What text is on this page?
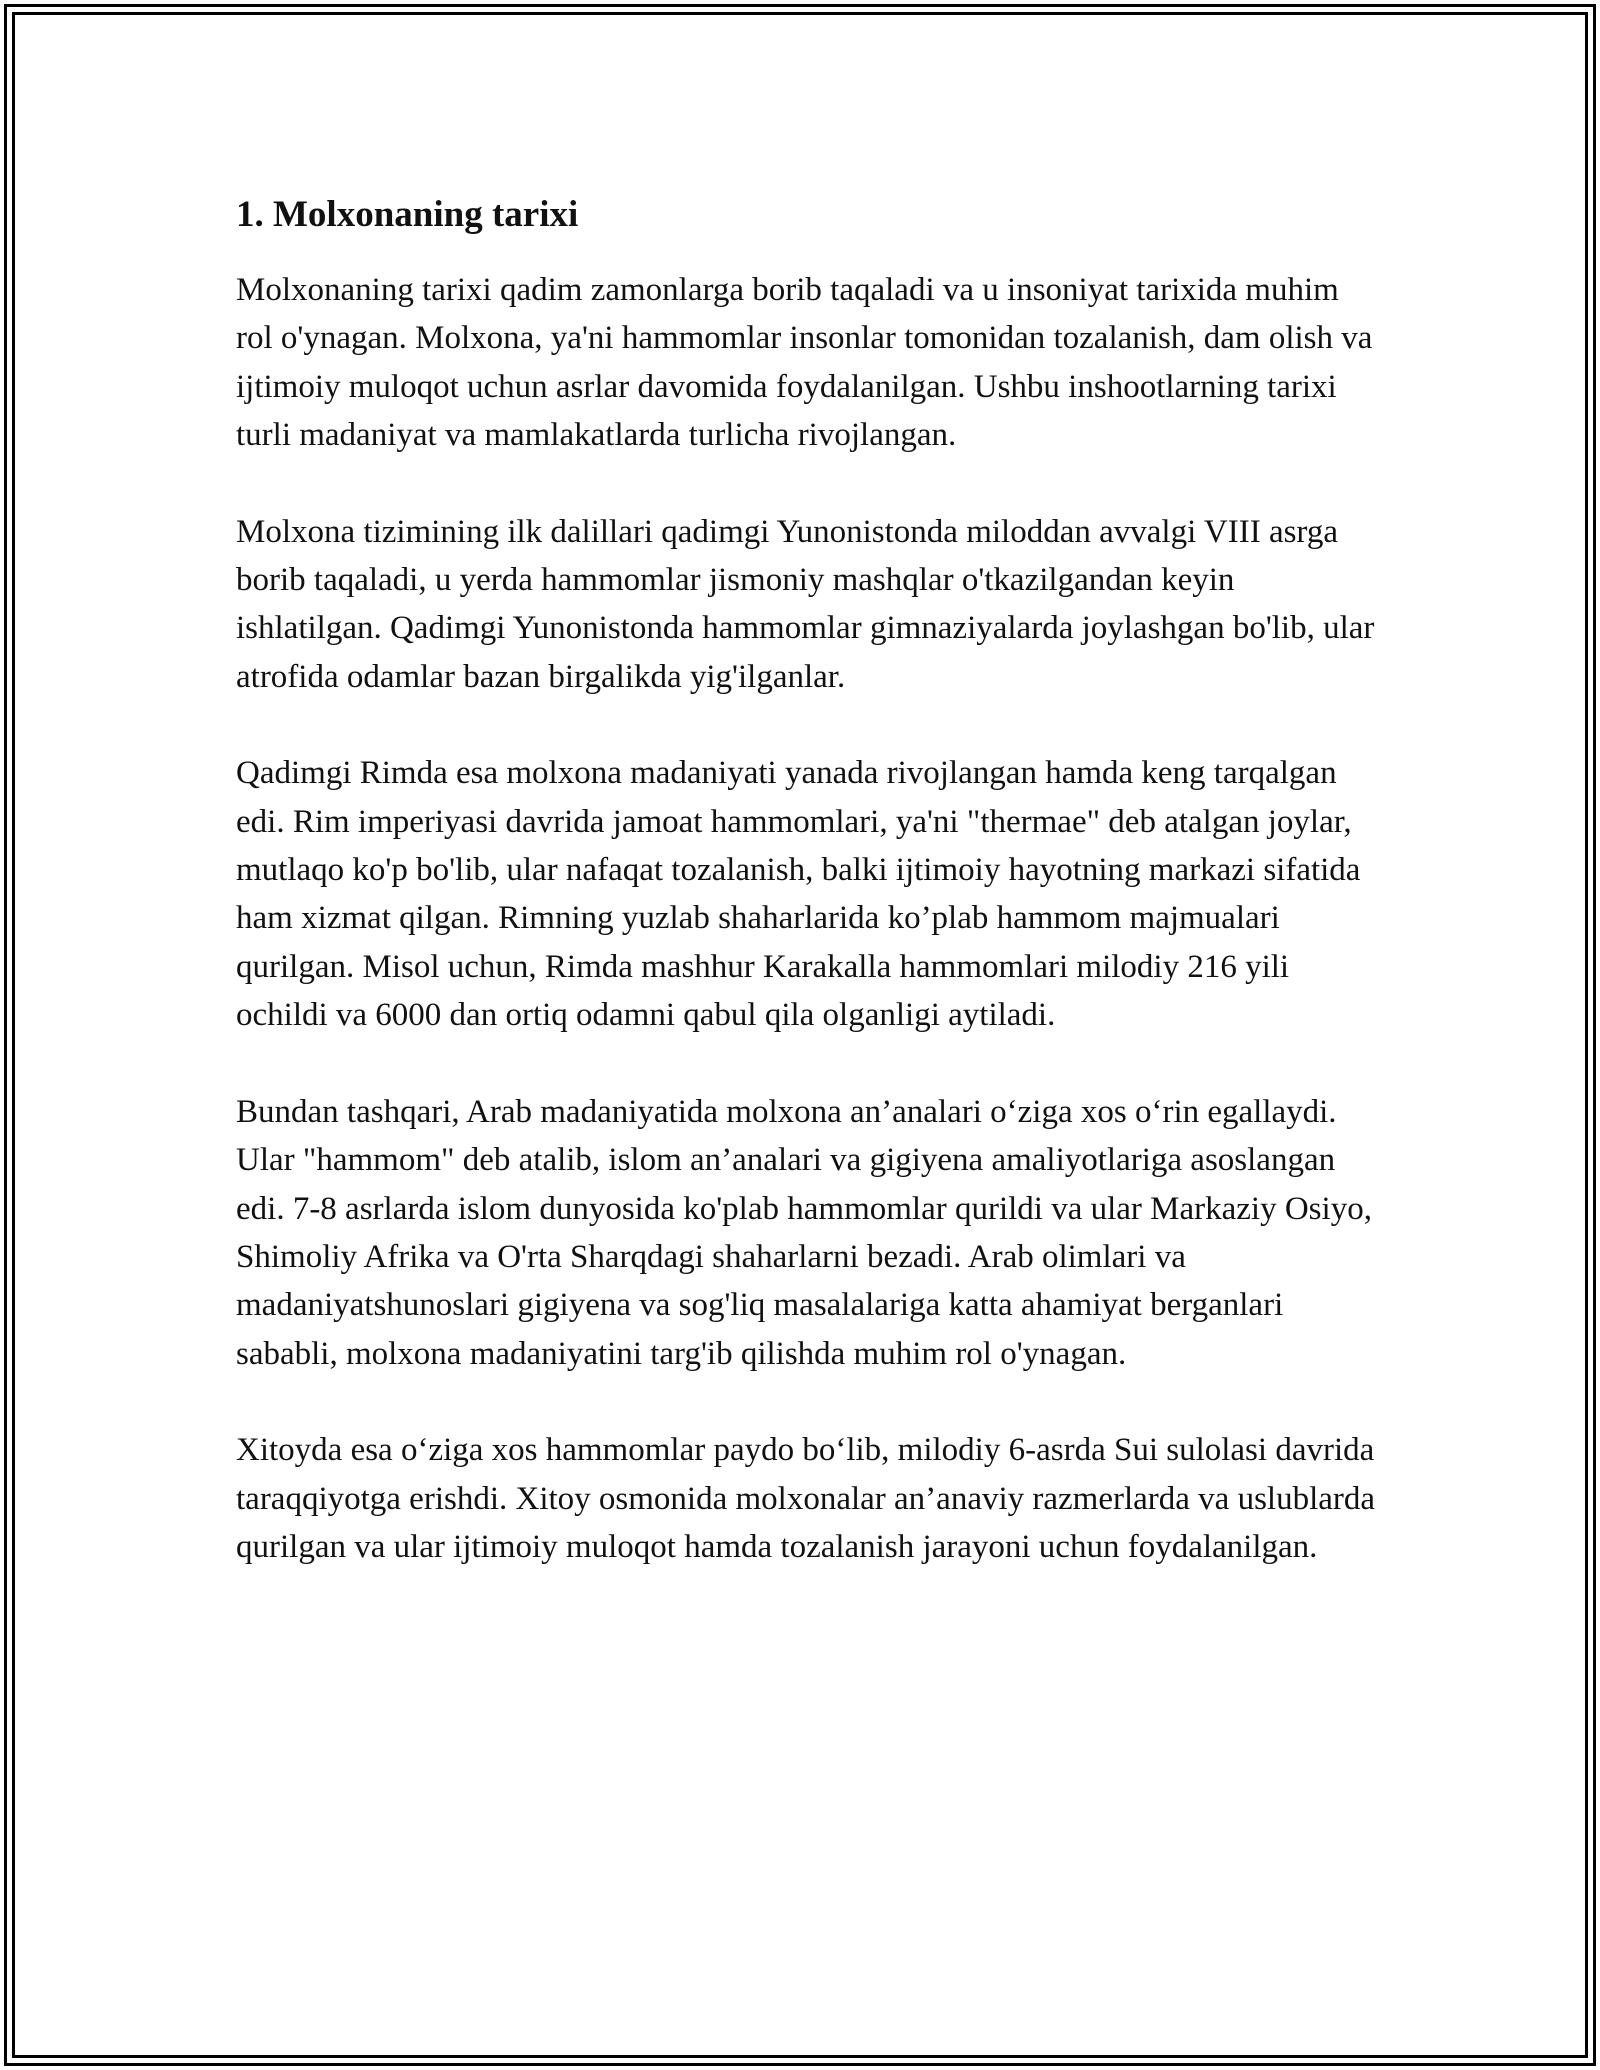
1. Molxonaning tarixi

Molxonaning tarixi qadim zamonlarga borib taqaladi va u insoniyat tarixida muhim rol o'ynagan. Molxona, ya'ni hammomlar insonlar tomonidan tozalanish, dam olish va ijtimoiy muloqot uchun asrlar davomida foydalanilgan. Ushbu inshootlarning tarixi turli madaniyat va mamlakatlarda turlicha rivojlangan.

Molxona tizimining ilk dalillari qadimgi Yunonistonda miloddan avvalgi VIII asrga borib taqaladi, u yerda hammomlar jismoniy mashqlar o'tkazilgandan keyin ishlatilgan. Qadimgi Yunonistonda hammomlar gimnaziyalarda joylashgan bo'lib, ular atrofida odamlar bazan birgalikda yig'ilganlar.

Qadimgi Rimda esa molxona madaniyati yanada rivojlangan hamda keng tarqalgan edi. Rim imperiyasi davrida jamoat hammomlari, ya'ni "thermae" deb atalgan joylar, mutlaqo ko'p bo'lib, ular nafaqat tozalanish, balki ijtimoiy hayotning markazi sifatida ham xizmat qilgan. Rimning yuzlab shaharlarida ko’plab hammom majmualari qurilgan. Misol uchun, Rimda mashhur Karakalla hammomlari milodiy 216 yili ochildi va 6000 dan ortiq odamni qabul qila olganligi aytiladi.

Bundan tashqari, Arab madaniyatida molxona an’analari o‘ziga xos o‘rin egallaydi. Ular "hammom" deb atalib, islom an’analari va gigiyena amaliyotlariga asoslangan edi. 7-8 asrlarda islom dunyosida ko'plab hammomlar qurildi va ular Markaziy Osiyo, Shimoliy Afrika va O'rta Sharqdagi shaharlarni bezadi. Arab olimlari va madaniyatshunoslari gigiyena va sog'liq masalalariga katta ahamiyat berganlari sababli, molxona madaniyatini targ'ib qilishda muhim rol o'ynagan.

Xitoyda esa o‘ziga xos hammomlar paydo bo‘lib, milodiy 6-asrda Sui sulolasi davrida taraqqiyotga erishdi. Xitoy osmonida molxonalar an’anaviy razmerlarda va uslublarda qurilgan va ular ijtimoiy muloqot hamda tozalanish jarayoni uchun foydalanilgan.
